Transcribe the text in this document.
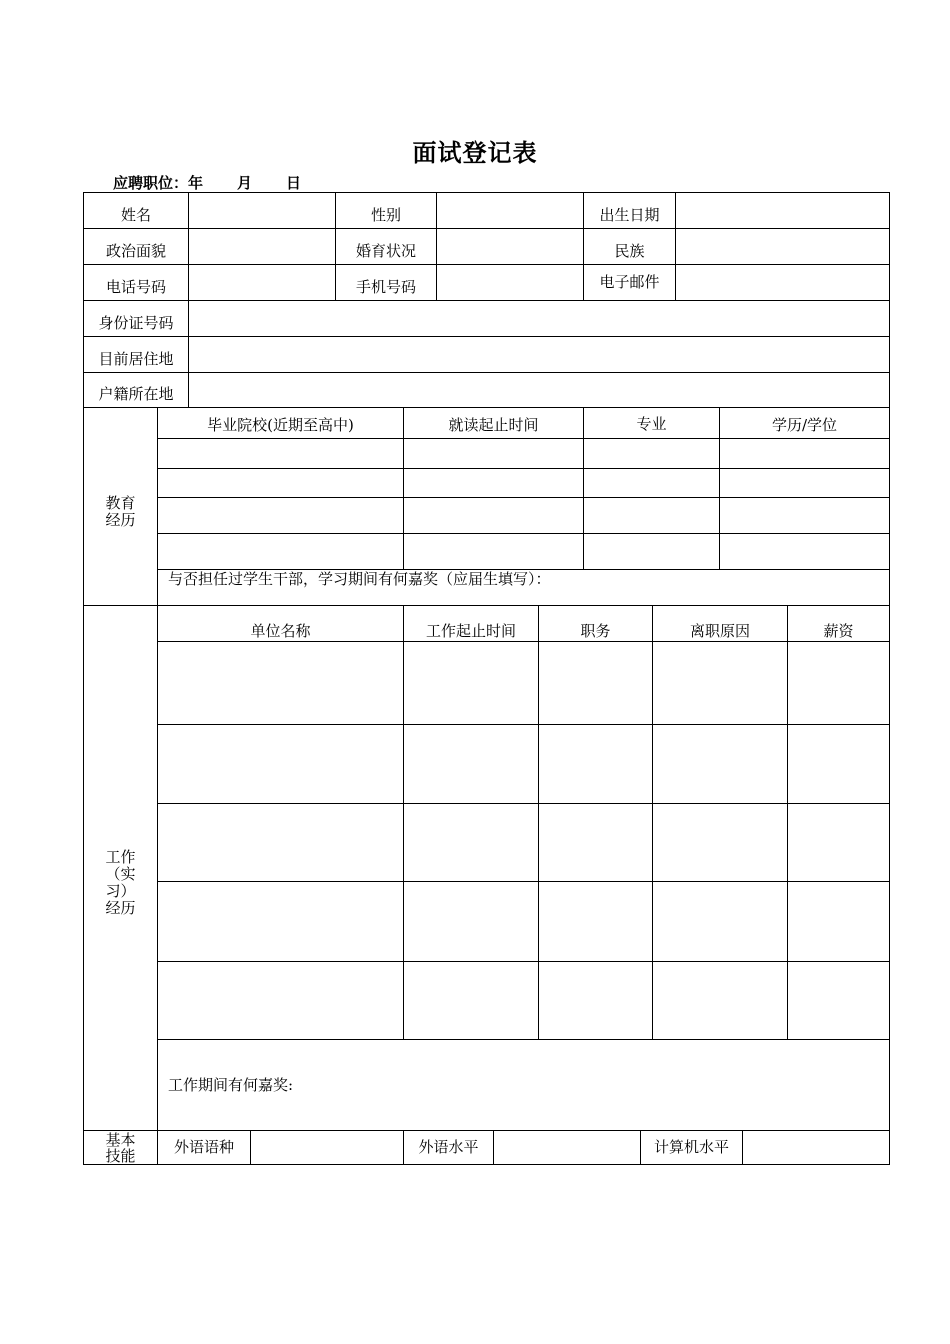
面试登记表
应聘职位：年 月 日
姓名	性别	出生日期
政治面貌	婚育状况	民族
电话号码	手机号码	电子邮件
身份证号码
目前居住地
户籍所在地
教育
经历
毕业院校(近期至高中)	就读起止时间	专业	学历/学位
与否担任过学生干部，学习期间有何嘉奖（应届生填写）：
工作
（实
习）
经历
单位名称	工作起止时间	职务	离职原因	薪资
工作期间有何嘉奖:
基本
技能	外语语种	外语水平	计算机水平
